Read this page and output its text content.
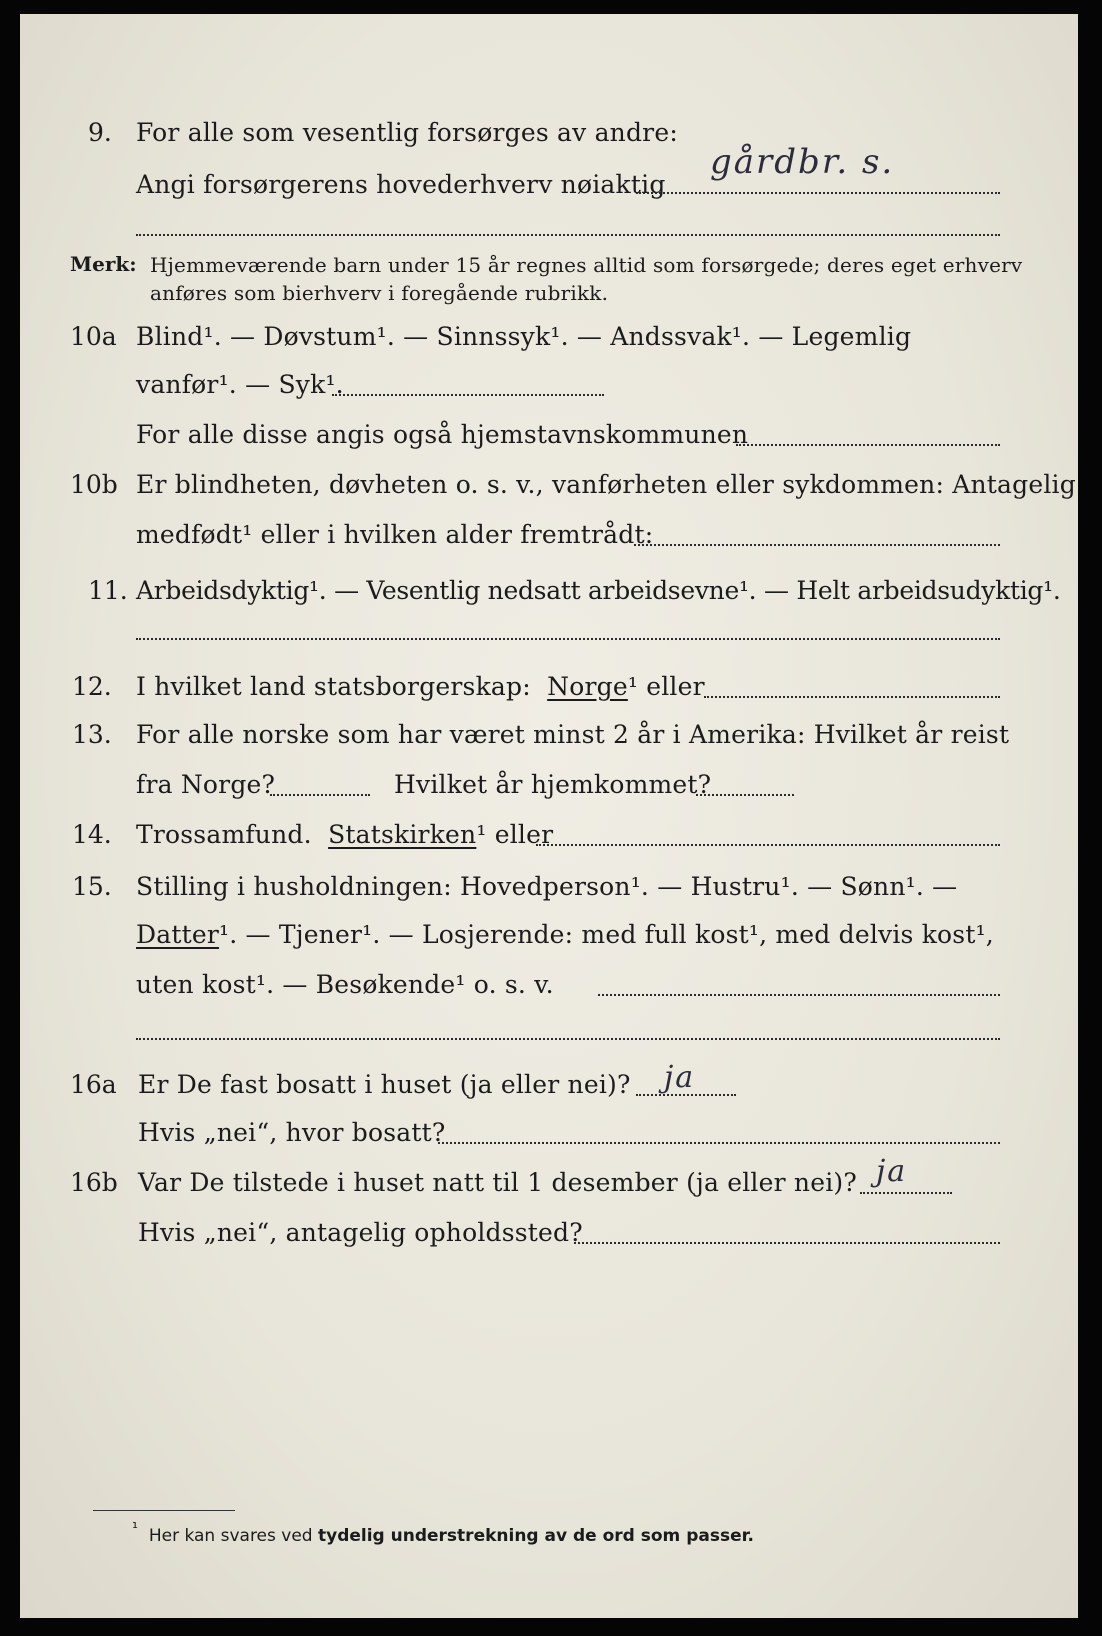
9. For alle som vesentlig forsørges av andre:
Angi forsørgerens hovederhverv nøiaktig
gårdbr. s.
Merk: Hjemmeværende barn under 15 år regnes alltid som forsørgede; deres eget erhverv
anføres som bierhverv i foregående rubrikk.
10a Blind¹. — Døvstum¹. — Sinnssyk¹. — Andssvak¹. — Legemlig
vanfør¹. — Syk¹.
For alle disse angis også hjemstavnskommunen
10b Er blindheten, døvheten o. s. v., vanførheten eller sykdommen: Antagelig
medfødt¹ eller i hvilken alder fremtrådt:
11. Arbeidsdyktig¹. — Vesentlig nedsatt arbeidsevne¹. — Helt arbeidsudyktig¹.
12. I hvilket land statsborgerskap: Norge¹ eller
13. For alle norske som har været minst 2 år i Amerika: Hvilket år reist
fra Norge?	Hvilket år hjemkommet?
14. Trossamfund. Statskirken¹ eller
15. Stilling i husholdningen: Hovedperson¹. — Hustru¹. — Sønn¹. —
Datter¹. — Tjener¹. — Losjerende: med full kost¹, med delvis kost¹,
uten kost¹. — Besøkende¹ o. s. v.
16a Er De fast bosatt i huset (ja eller nei)? ja
Hvis „nei“, hvor bosatt?
16b Var De tilstede i huset natt til 1 desember (ja eller nei)? ja
Hvis „nei“, antagelig opholdssted?
¹ Her kan svares ved tydelig understrekning av de ord som passer.
